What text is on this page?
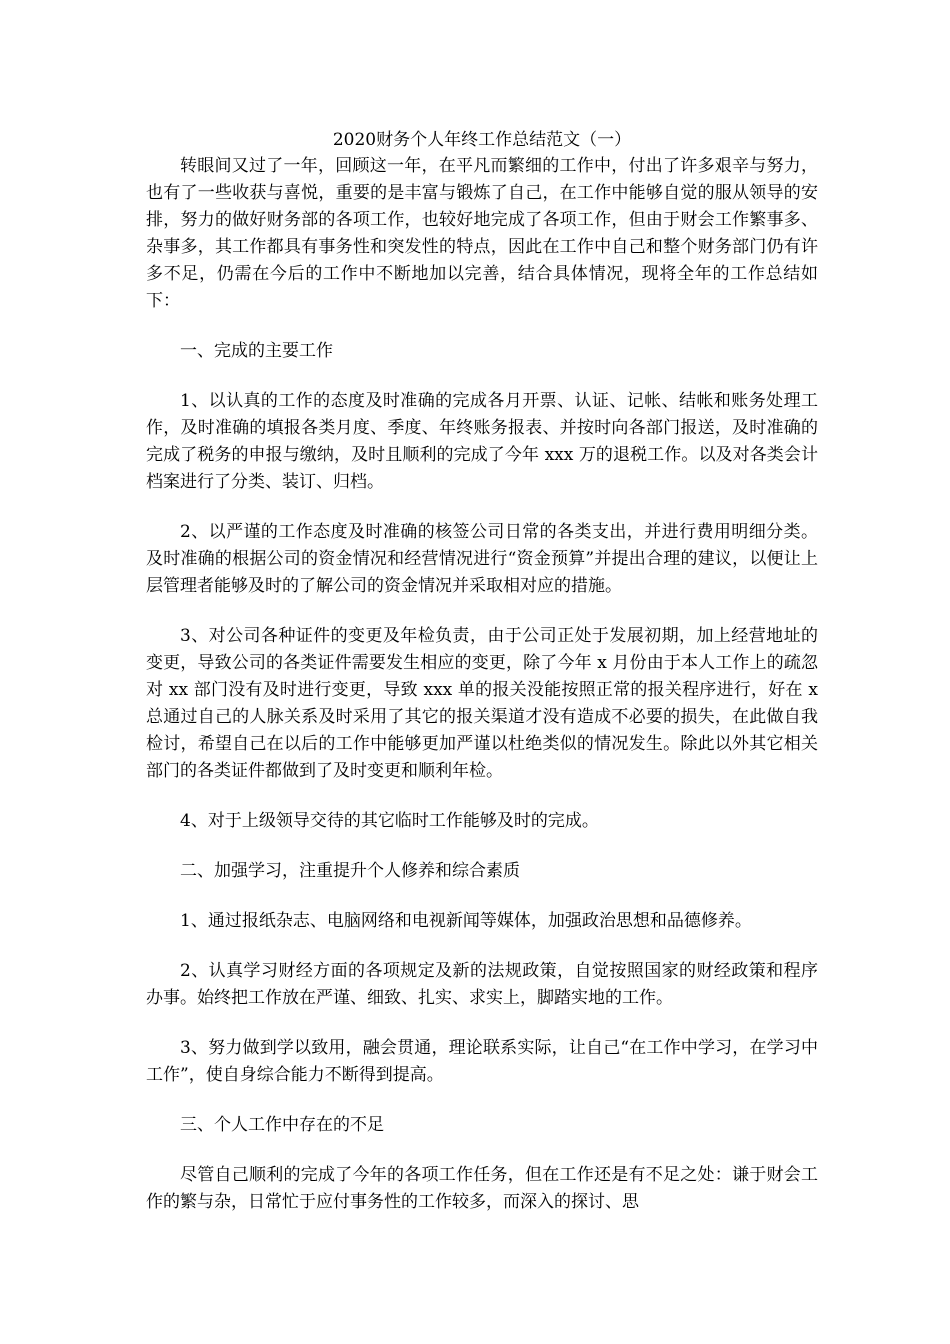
2020财务个人年终工作总结范文（一）

转眼间又过了一年，回顾这一年，在平凡而繁细的工作中，付出了许多艰辛与努力，也有了一些收获与喜悦，重要的是丰富与锻炼了自己，在工作中能够自觉的服从领导的安排，努力的做好财务部的各项工作，也较好地完成了各项工作，但由于财会工作繁事多、杂事多，其工作都具有事务性和突发性的特点，因此在工作中自己和整个财务部门仍有许多不足，仍需在今后的工作中不断地加以完善，结合具体情况，现将全年的工作总结如下：

一、完成的主要工作

1、以认真的工作的态度及时准确的完成各月开票、认证、记帐、结帐和账务处理工作，及时准确的填报各类月度、季度、年终账务报表、并按时向各部门报送，及时准确的完成了税务的申报与缴纳，及时且顺利的完成了今年 xxx 万的退税工作。以及对各类会计档案进行了分类、装订、归档。

2、以严谨的工作态度及时准确的核签公司日常的各类支出，并进行费用明细分类。及时准确的根据公司的资金情况和经营情况进行“资金预算”并提出合理的建议，以便让上层管理者能够及时的了解公司的资金情况并采取相对应的措施。

3、对公司各种证件的变更及年检负责，由于公司正处于发展初期，加上经营地址的变更，导致公司的各类证件需要发生相应的变更，除了今年 x 月份由于本人工作上的疏忽对 xx 部门没有及时进行变更，导致 xxx 单的报关没能按照正常的报关程序进行，好在 x 总通过自己的人脉关系及时采用了其它的报关渠道才没有造成不必要的损失，在此做自我检讨，希望自己在以后的工作中能够更加严谨以杜绝类似的情况发生。除此以外其它相关部门的各类证件都做到了及时变更和顺利年检。

4、对于上级领导交待的其它临时工作能够及时的完成。

二、加强学习，注重提升个人修养和综合素质

1、通过报纸杂志、电脑网络和电视新闻等媒体，加强政治思想和品德修养。

2、认真学习财经方面的各项规定及新的法规政策，自觉按照国家的财经政策和程序办事。始终把工作放在严谨、细致、扎实、求实上，脚踏实地的工作。

3、努力做到学以致用，融会贯通，理论联系实际，让自己“在工作中学习，在学习中工作”，使自身综合能力不断得到提高。

三、个人工作中存在的不足

尽管自己顺利的完成了今年的各项工作任务，但在工作还是有不足之处：谦于财会工作的繁与杂，日常忙于应付事务性的工作较多，而深入的探讨、思
